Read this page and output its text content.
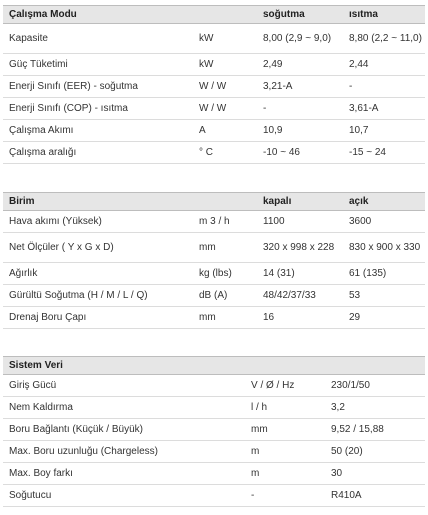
Çalışma Modu		soğutma	ısıtma
Kapasite	kW	8,00 (2,9 ~ 9,0)	8,80 (2,2 ~ 11,0)
Güç Tüketimi	kW	2,49	2,44
Enerji Sınıfı (EER) - soğutma	W / W	3,21-A	-
Enerji Sınıfı (COP) - ısıtma	W / W	-	3,61-A
Çalışma Akımı	A	10,9	10,7
Çalışma aralığı	° C	-10 ~ 46	-15 ~ 24
Birim		kapalı	açık
Hava akımı (Yüksek)	m 3 / h	1100	3600
Net Ölçüler ( Y x G x D)	mm	320 x 998 x 228	830 x 900 x 330
Ağırlık	kg (lbs)	14 (31)	61 (135)
Gürültü Soğutma (H / M / L / Q)	dB (A)	48/42/37/33	53
Drenaj Boru Çapı	mm	16	29
Sistem Veri		
Giriş Gücü	V / Ø / Hz	230/1/50
Nem Kaldırma	l / h	3,2
Boru Bağlantı (Küçük / Büyük)	mm	9,52 / 15,88
Max. Boru uzunluğu (Chargeless)	m	50 (20)
Max. Boy farkı	m	30
Soğutucu	-	R410A
